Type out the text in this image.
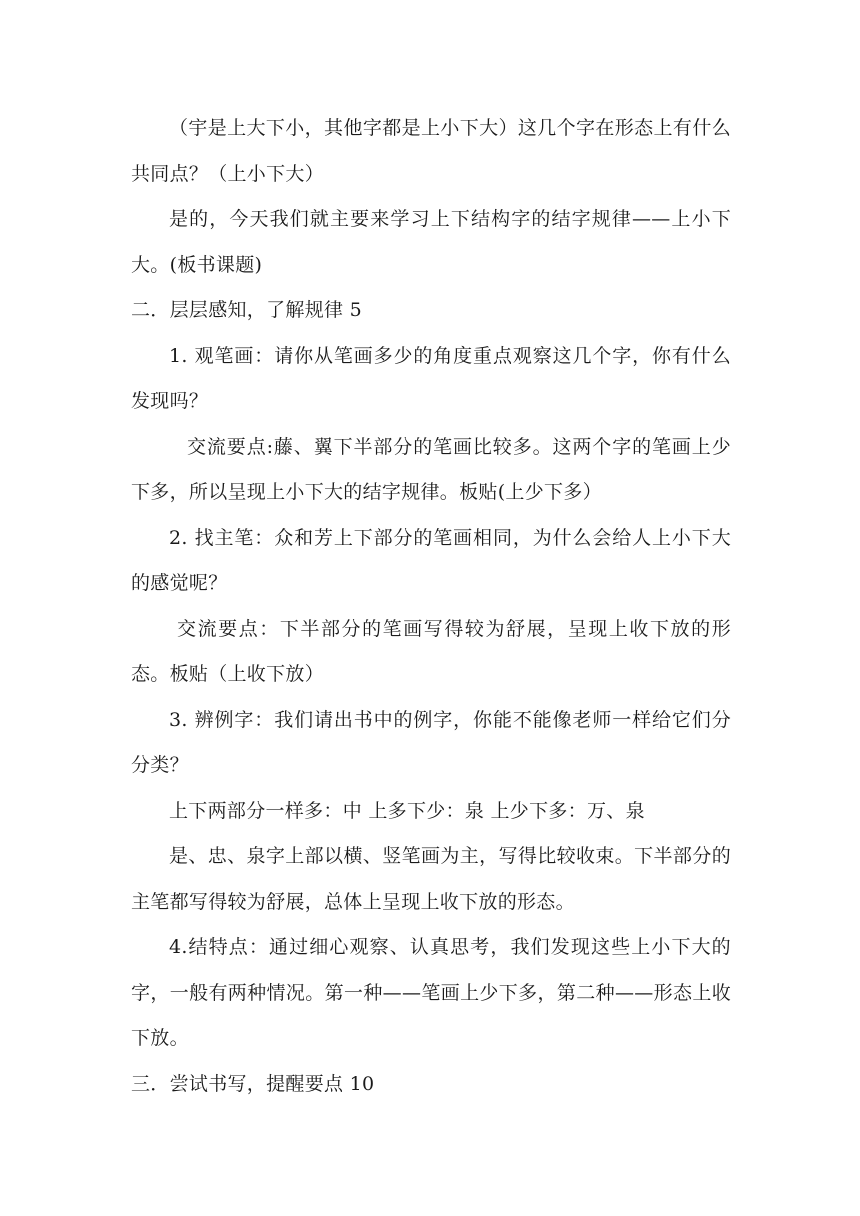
（宇是上大下小，其他字都是上小下大）这几个字在形态上有什么共同点？（上小下大）

是的，今天我们就主要来学习上下结构字的结字规律——上小下大。(板书课题)

二．层层感知，了解规律 5

1. 观笔画：请你从笔画多少的角度重点观察这几个字，你有什么发现吗？

交流要点:藤、翼下半部分的笔画比较多。这两个字的笔画上少下多，所以呈现上小下大的结字规律。板贴(上少下多）

2. 找主笔：众和芳上下部分的笔画相同，为什么会给人上小下大的感觉呢？

交流要点：下半部分的笔画写得较为舒展，呈现上收下放的形态。板贴（上收下放）

3. 辨例字：我们请出书中的例字，你能不能像老师一样给它们分分类？

上下两部分一样多：中 上多下少：泉 上少下多：万、泉

是、忠、泉字上部以横、竖笔画为主，写得比较收束。下半部分的主笔都写得较为舒展，总体上呈现上收下放的形态。

4.结特点：通过细心观察、认真思考，我们发现这些上小下大的字，一般有两种情况。第一种——笔画上少下多，第二种——形态上收下放。

三．尝试书写，提醒要点 10
